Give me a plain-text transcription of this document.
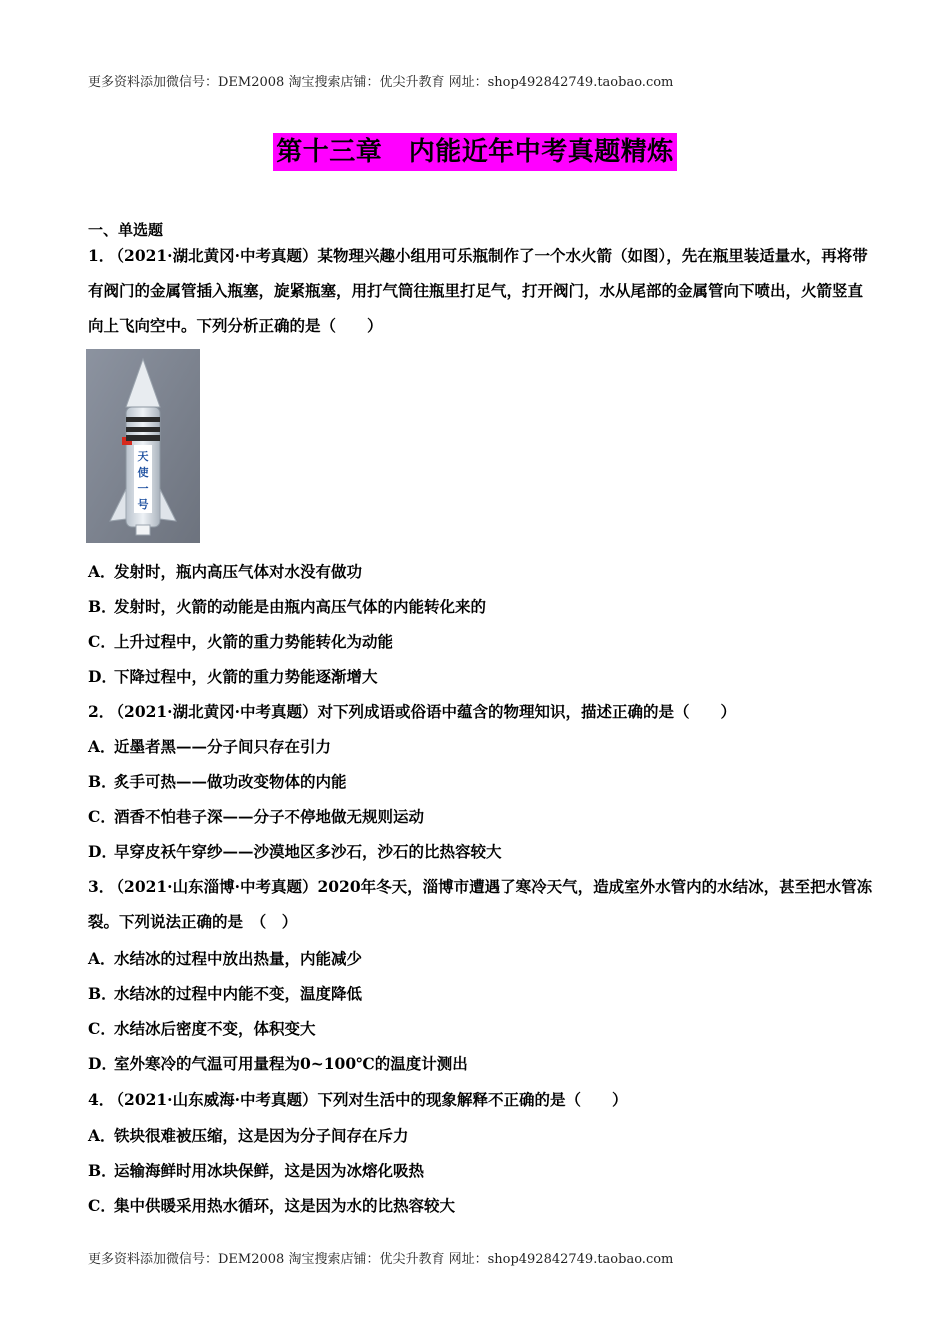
更多资料添加微信号：DEM2008 淘宝搜索店铺：优尖升教育 网址：shop492842749.taobao.com
第十三章　内能近年中考真题精炼
一、单选题
1． （2021·湖北黄冈·中考真题）某物理兴趣小组用可乐瓶制作了一个水火箭（如图），先在瓶里装适量水，再将带有阀门的金属管插入瓶塞，旋紧瓶塞，用打气筒往瓶里打足气，打开阀门，水从尾部的金属管向下喷出，火箭竖直向上飞向空中。下列分析正确的是（　　）
天
使
一
号
A．发射时，瓶内高压气体对水没有做功
B．发射时，火箭的动能是由瓶内高压气体的内能转化来的
C．上升过程中，火箭的重力势能转化为动能
D．下降过程中，火箭的重力势能逐渐增大
2． （2021·湖北黄冈·中考真题）对下列成语或俗语中蕴含的物理知识，描述正确的是（　　）
A．近墨者黑——分子间只存在引力
B．炙手可热——做功改变物体的内能
C．酒香不怕巷子深——分子不停地做无规则运动
D．早穿皮袄午穿纱——沙漠地区多沙石，沙石的比热容较大
3． （2021·山东淄博·中考真题）2020年冬天，淄博市遭遇了寒冷天气，造成室外水管内的水结冰，甚至把水管冻裂。下列说法正确的是　（　）
A．水结冰的过程中放出热量，内能减少
B．水结冰的过程中内能不变，温度降低
C．水结冰后密度不变，体积变大
D．室外寒冷的气温可用量程为0~100℃的温度计测出
4． （2021·山东威海·中考真题）下列对生活中的现象解释不正确的是（　　）
A．铁块很难被压缩，这是因为分子间存在斥力
B．运输海鲜时用冰块保鲜，这是因为冰熔化吸热
C．集中供暖采用热水循环，这是因为水的比热容较大
更多资料添加微信号：DEM2008 淘宝搜索店铺：优尖升教育 网址：shop492842749.taobao.com
